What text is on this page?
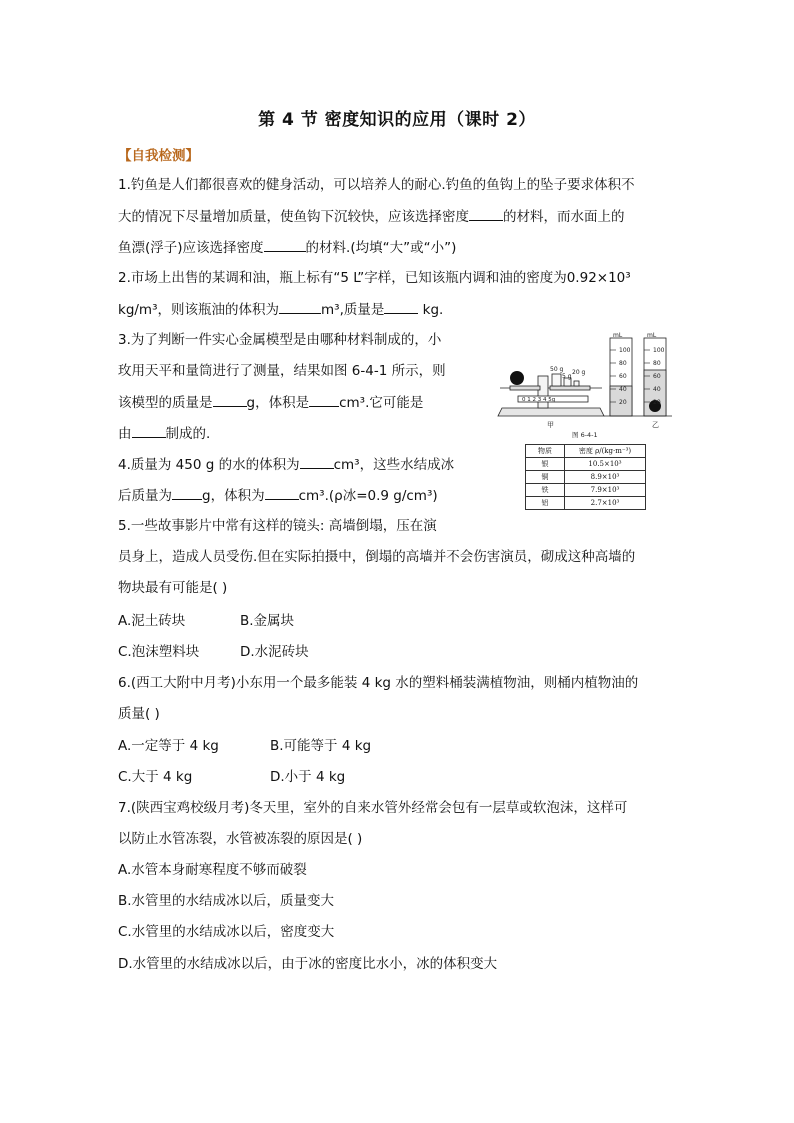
第 4 节 密度知识的应用（课时 2）
【自我检测】
1.钓鱼是人们都很喜欢的健身活动，可以培养人的耐心.钓鱼的鱼钩上的坠子要求体积不
大的情况下尽量增加质量，使鱼钩下沉较快，应该选择密度	的材料，而水面上的
鱼漂(浮子)应该选择密度	的材料.(均填“大”或“小”)
2.市场上出售的某调和油，瓶上标有“5 L”字样，已知该瓶内调和油的密度为0.92×10³
kg/m³，则该瓶油的体积为	m³,质量是	kg.
3.为了判断一件实心金属模型是由哪种材料制成的，小
玫用天平和量筒进行了测量，结果如图 6-4-1 所示，则
该模型的质量是	g，体积是 cm³.它可能是
由	制成的.
50 g 20 g
5 g
0 1 2 3 4 5g
mL	mL
100
80
60
40
20
100
80
60
40
20
甲	乙
图 6-4-1
物质	密度 ρ/(kg·m⁻³)
银	10.5×10³
铜	8.9×10³
铁	7.9×10³
铝	2.7×10³
4.质量为 450 g 的水的体积为	cm³，这些水结成冰
后质量为 g，体积为	cm³.(ρ冰=0.9 g/cm³)
5.一些故事影片中常有这样的镜头: 高墙倒塌，压在演
员身上，造成人员受伤.但在实际拍摄中，倒塌的高墙并不会伤害演员，砌成这种高墙的
物块最有可能是( )
A.泥土砖块	B.金属块
C.泡沫塑料块	D.水泥砖块
6.(西工大附中月考)小东用一个最多能装 4 kg 水的塑料桶装满植物油，则桶内植物油的
质量( )
A.一定等于 4 kg	B.可能等于 4 kg
C.大于 4 kg	D.小于 4 kg
7.(陕西宝鸡校级月考)冬天里，室外的自来水管外经常会包有一层草或软泡沫，这样可
以防止水管冻裂，水管被冻裂的原因是( )
A.水管本身耐寒程度不够而破裂
B.水管里的水结成冰以后，质量变大
C.水管里的水结成冰以后，密度变大
D.水管里的水结成冰以后，由于冰的密度比水小，冰的体积变大
